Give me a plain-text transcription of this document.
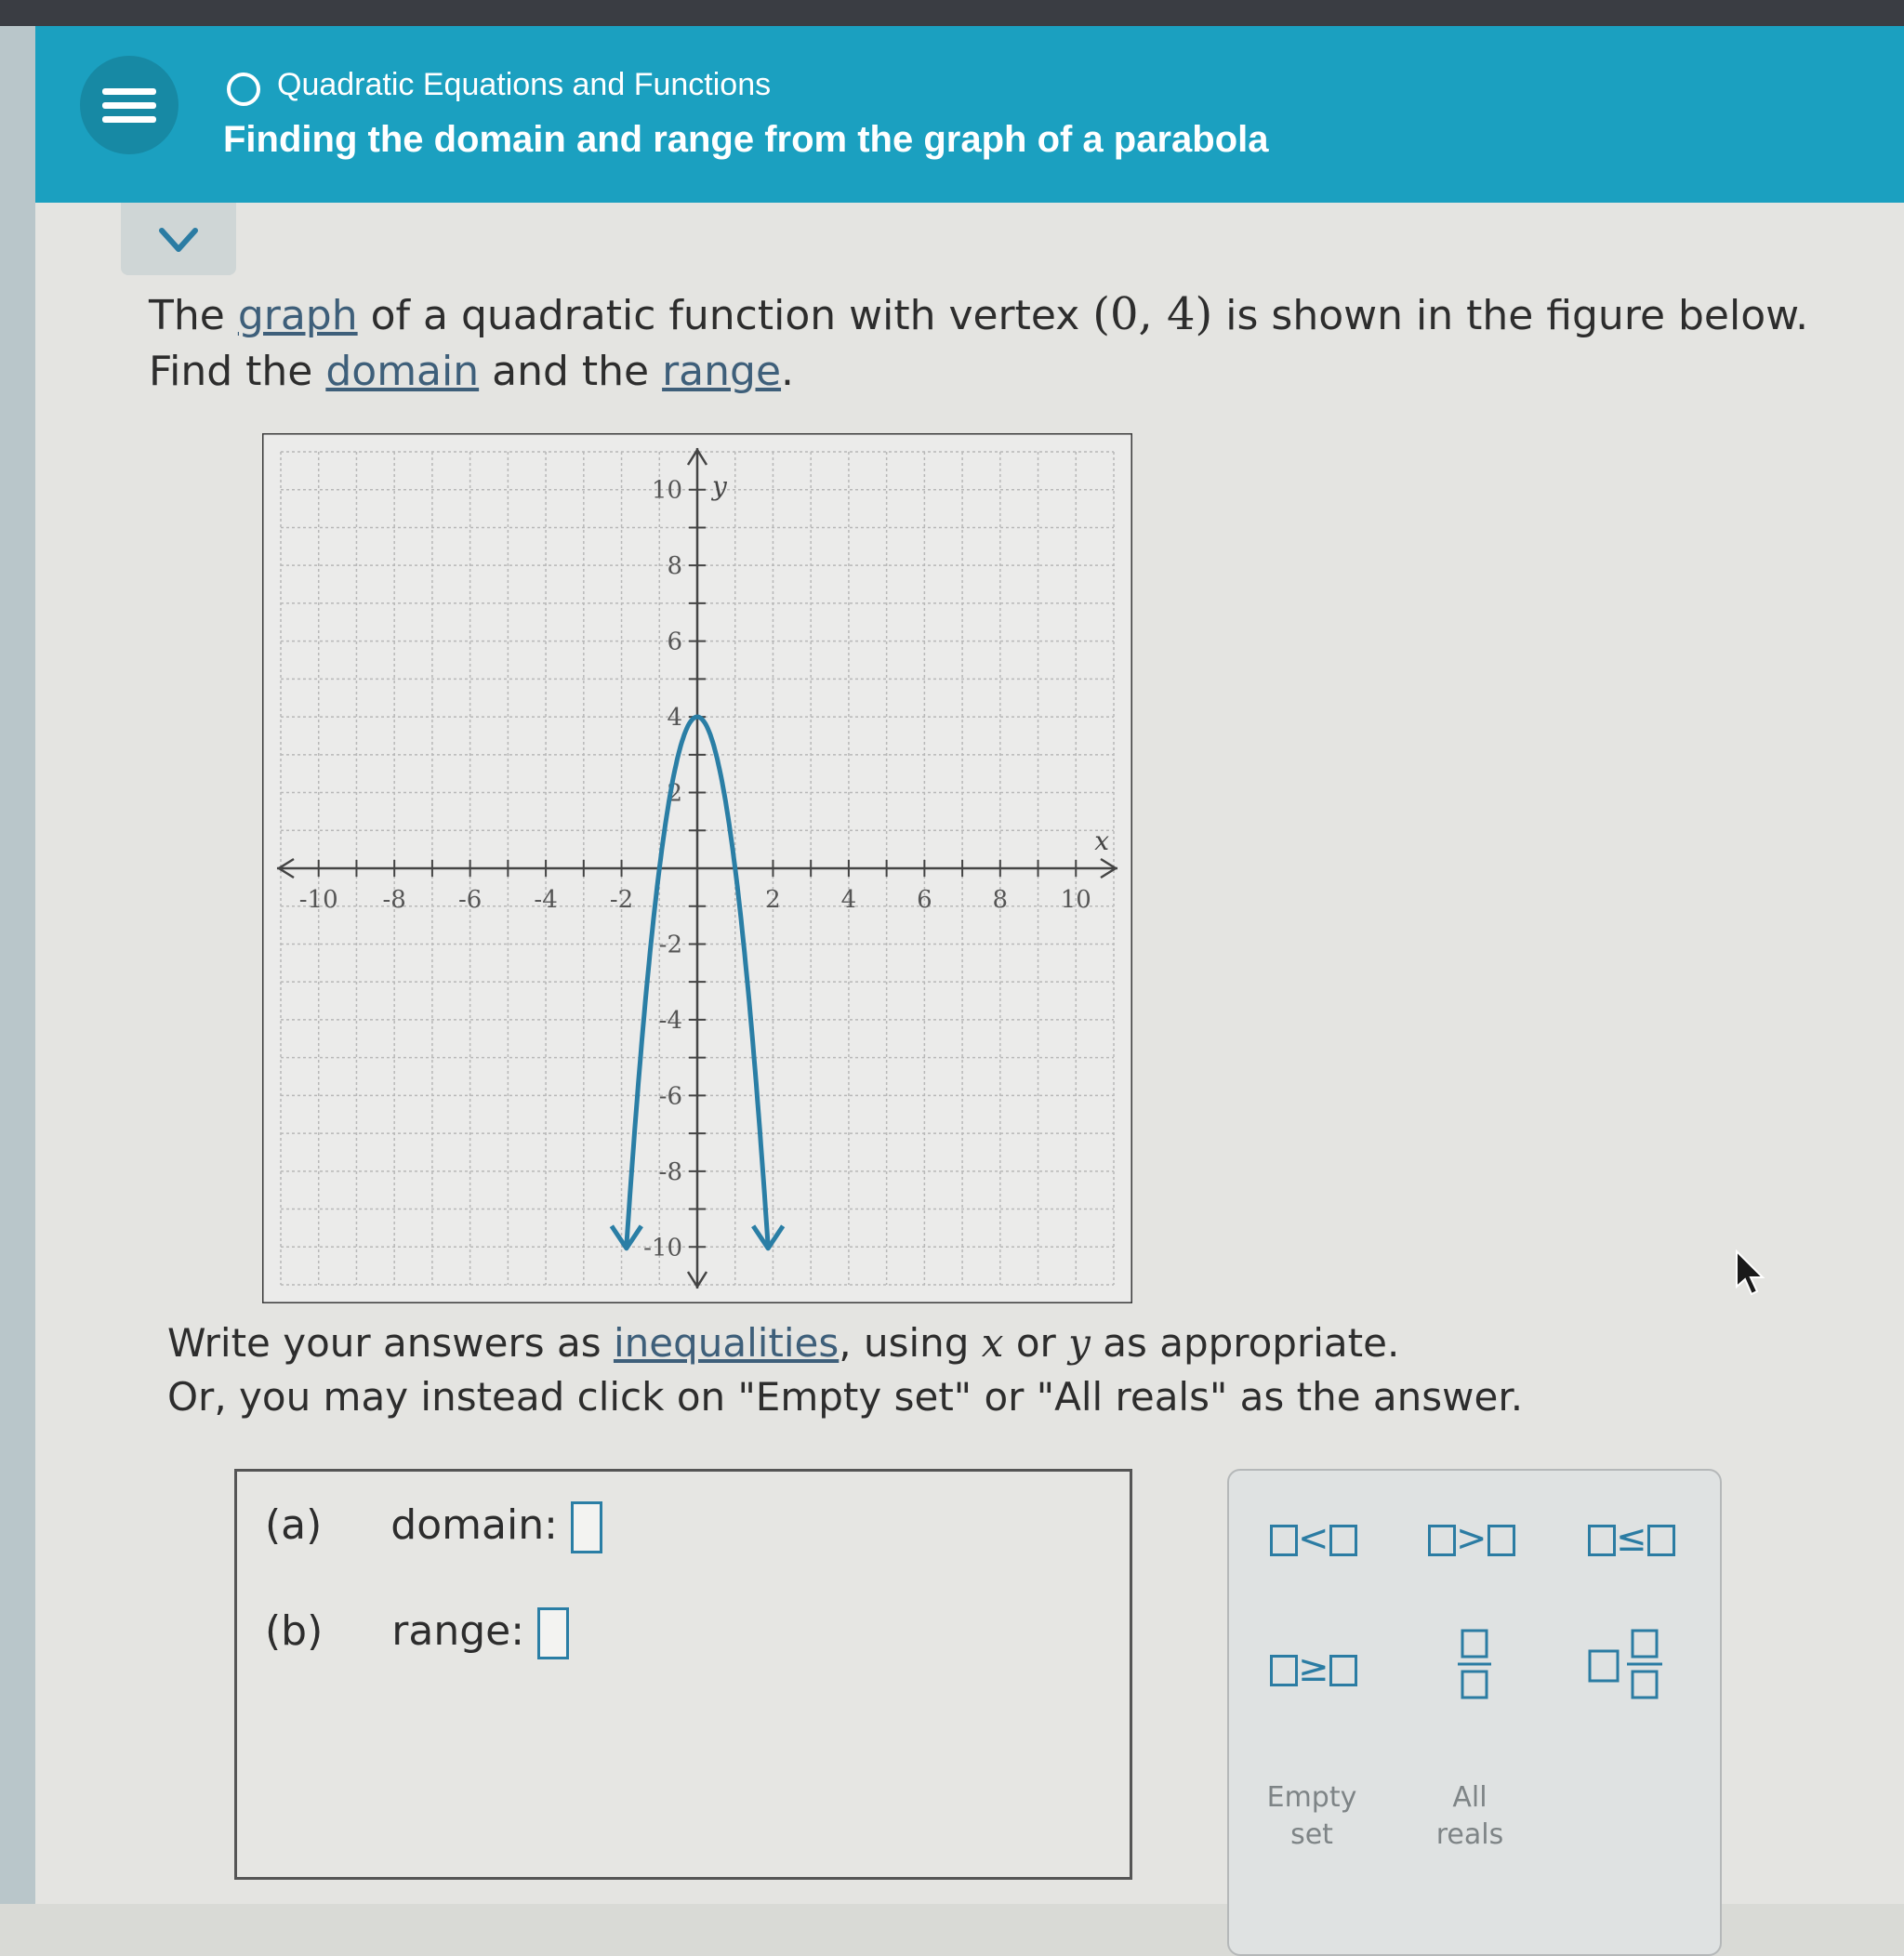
Quadratic Equations and Functions
Finding the domain and range from the graph of a parabola
The graph of a quadratic function with vertex (0, 4) is shown in the figure below.
Find the domain and the range.
-10 -8 -6 -4 -2	2 4 6 8 10
10
8
6
4
2
-2
-4
-6
-8
-10
x
y
Write your answers as inequalities, using x or y as appropriate.
Or, you may instead click on "Empty set" or "All reals" as the answer.
(a) domain:
(b) range:
<	>	≤
≥
Empty
set
All
reals
